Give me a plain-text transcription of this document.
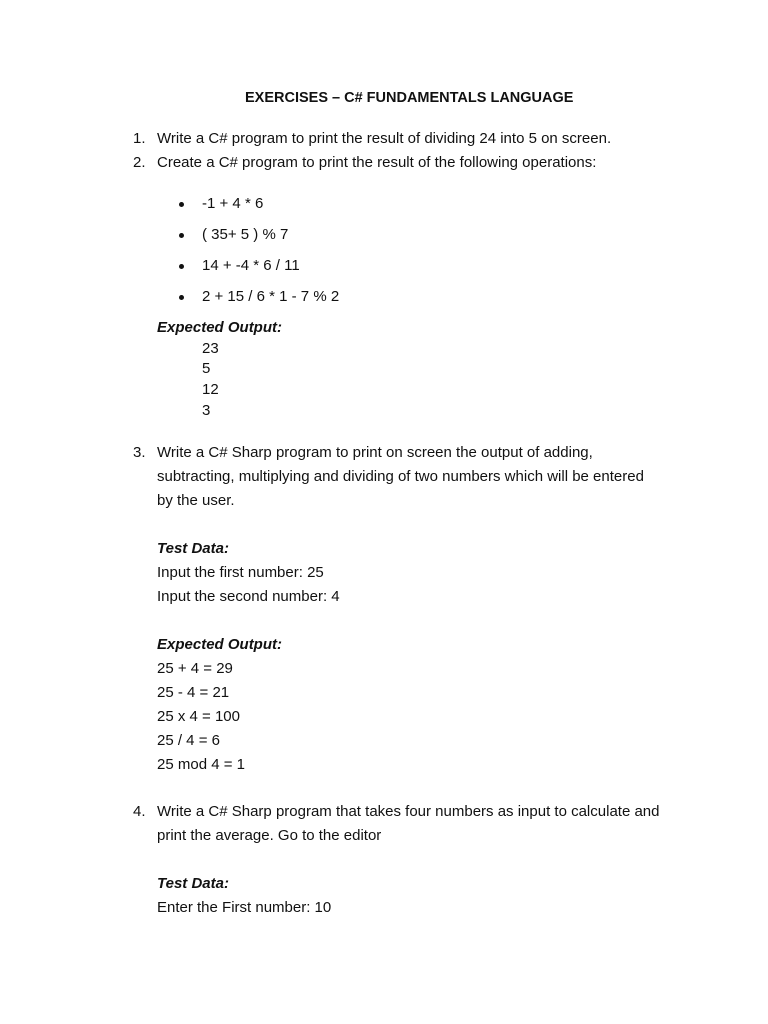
EXERCISES – C# FUNDAMENTALS LANGUAGE
1. Write a C# program to print the result of dividing 24 into 5 on screen.
2. Create a C# program to print the result of the following operations:
-1 + 4 * 6
( 35+ 5 ) % 7
14 + -4 * 6 / 11
2 + 15 / 6 * 1 - 7 % 2
Expected Output:
23
5
12
3
3. Write a C# Sharp program to print on screen the output of adding,
subtracting, multiplying and dividing of two numbers which will be entered
by the user.
Test Data:
Input the first number: 25
Input the second number: 4
Expected Output:
25 + 4 = 29
25 - 4 = 21
25 x 4 = 100
25 / 4 = 6
25 mod 4 = 1
4. Write a C# Sharp program that takes four numbers as input to calculate and
print the average. Go to the editor
Test Data:
Enter the First number: 10
